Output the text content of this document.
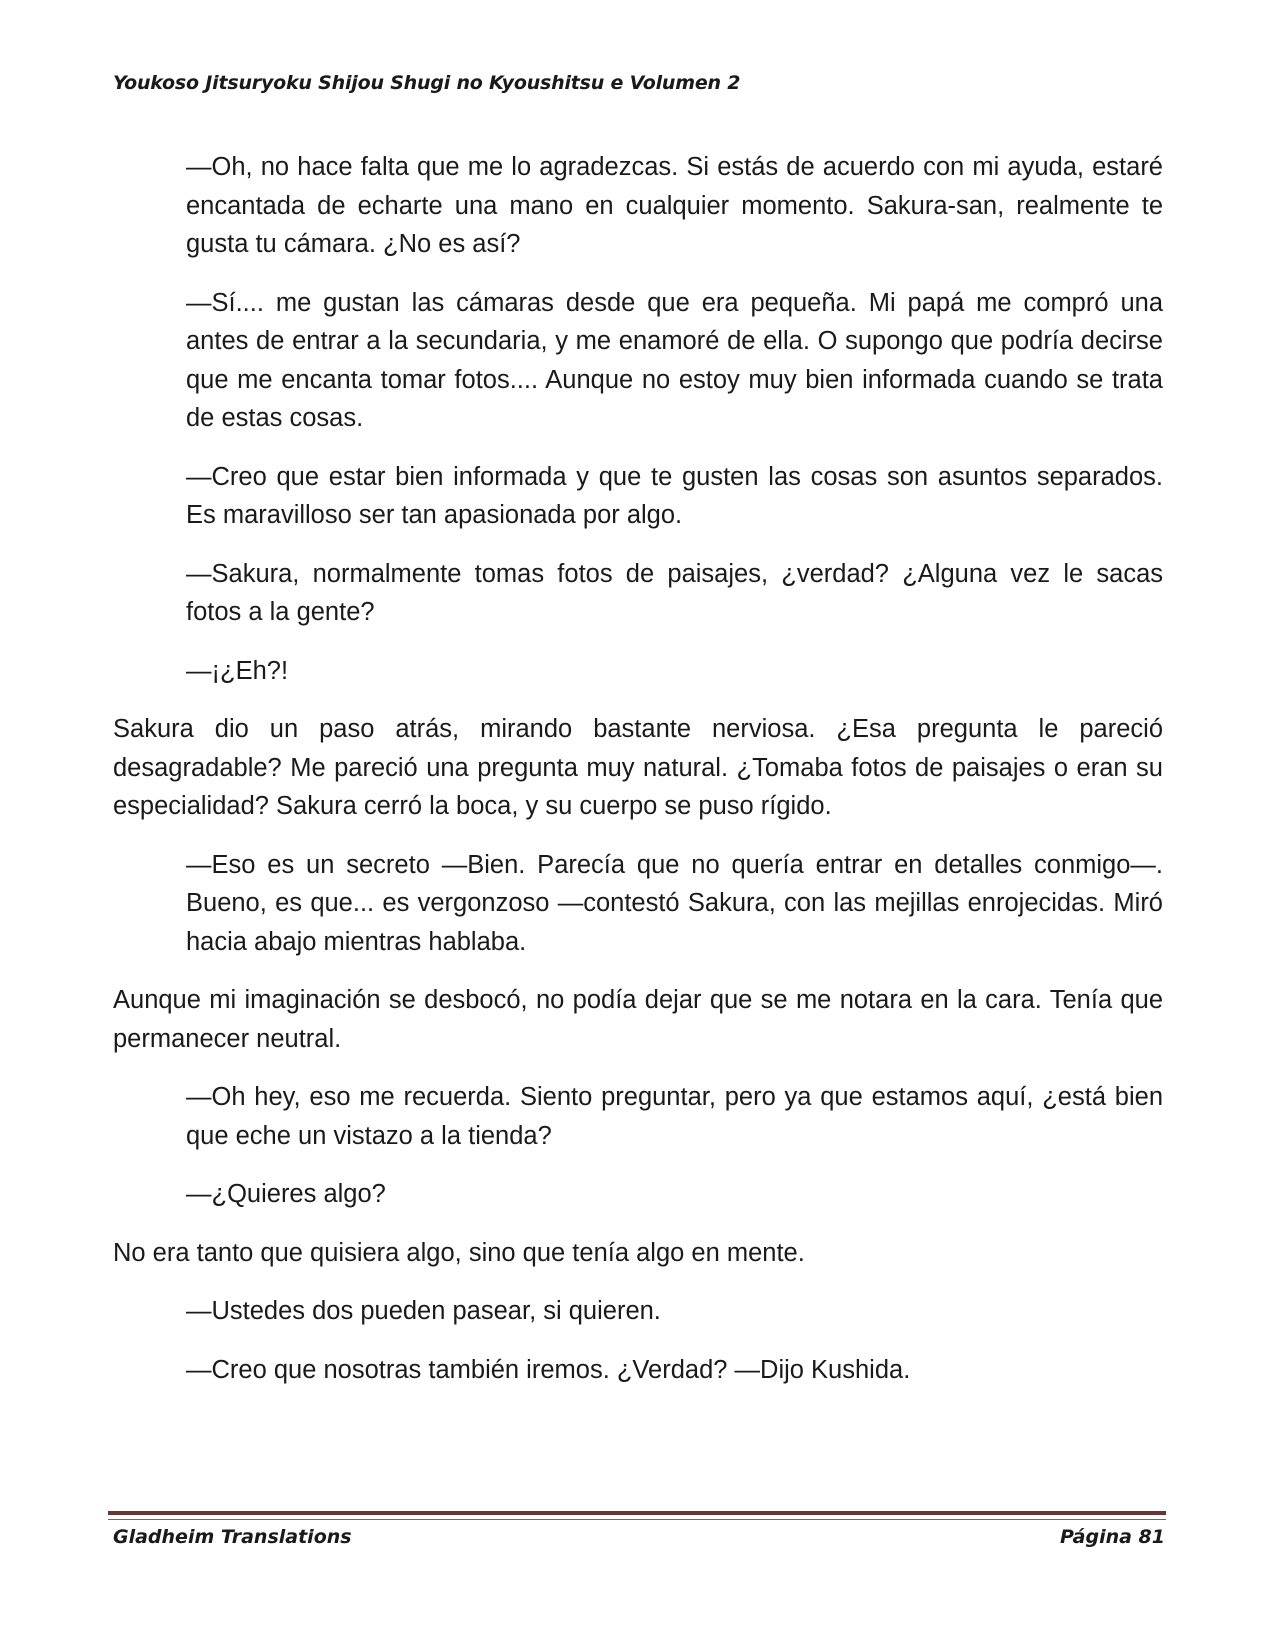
Youkoso Jitsuryoku Shijou Shugi no Kyoushitsu e Volumen 2

—Oh, no hace falta que me lo agradezcas. Si estás de acuerdo con mi ayuda, estaré encantada de echarte una mano en cualquier momento. Sakura-san, realmente te gusta tu cámara. ¿No es así?

—Sí.... me gustan las cámaras desde que era pequeña. Mi papá me compró una antes de entrar a la secundaria, y me enamoré de ella. O supongo que podría decirse que me encanta tomar fotos.... Aunque no estoy muy bien informada cuando se trata de estas cosas.

—Creo que estar bien informada y que te gusten las cosas son asuntos separados. Es maravilloso ser tan apasionada por algo.

—Sakura, normalmente tomas fotos de paisajes, ¿verdad? ¿Alguna vez le sacas fotos a la gente?

—¡¿Eh?!

Sakura dio un paso atrás, mirando bastante nerviosa. ¿Esa pregunta le pareció desagradable? Me pareció una pregunta muy natural. ¿Tomaba fotos de paisajes o eran su especialidad? Sakura cerró la boca, y su cuerpo se puso rígido.

—Eso es un secreto —Bien. Parecía que no quería entrar en detalles conmigo—. Bueno, es que... es vergonzoso —contestó Sakura, con las mejillas enrojecidas. Miró hacia abajo mientras hablaba.

Aunque mi imaginación se desbocó, no podía dejar que se me notara en la cara. Tenía que permanecer neutral.

—Oh hey, eso me recuerda. Siento preguntar, pero ya que estamos aquí, ¿está bien que eche un vistazo a la tienda?

—¿Quieres algo?

No era tanto que quisiera algo, sino que tenía algo en mente.

—Ustedes dos pueden pasear, si quieren.

—Creo que nosotras también iremos. ¿Verdad? —Dijo Kushida.

Gladheim Translations	Página 81
